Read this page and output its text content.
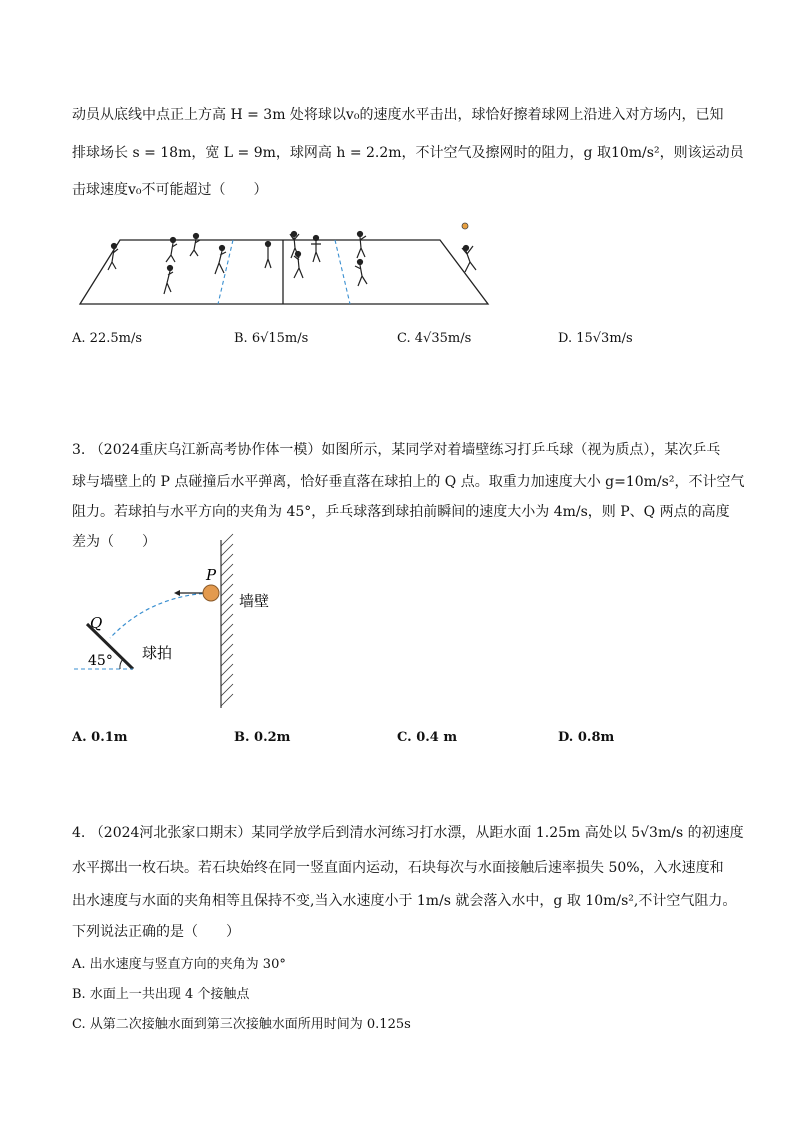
动员从底线中点正上方高 H = 3m 处将球以v₀的速度水平击出，球恰好擦着球网上沿进入对方场内，已知
排球场长 s = 18m，宽 L = 9m，球网高 h = 2.2m，不计空气及擦网时的阻力，g 取10m/s²，则该运动员
击球速度v₀不可能超过（　　）
A. 22.5m/s	B. 6√15m/s	C. 4√35m/s	D. 15√3m/s
3. （2024重庆乌江新高考协作体一模）如图所示，某同学对着墙壁练习打乒乓球（视为质点），某次乒乓
球与墙壁上的 P 点碰撞后水平弹离，恰好垂直落在球拍上的 Q 点。取重力加速度大小 g=10m/s²，不计空气
阻力。若球拍与水平方向的夹角为 45°，乒乓球落到球拍前瞬间的速度大小为 4m/s，则 P、Q 两点的高度
差为（　　）
P
Q
墙壁
球拍
45°
A. 0.1m	B. 0.2m	C. 0.4 m	D. 0.8m
4. （2024河北张家口期末）某同学放学后到清水河练习打水漂，从距水面 1.25m 高处以 5√3m/s 的初速度
水平掷出一枚石块。若石块始终在同一竖直面内运动，石块每次与水面接触后速率损失 50%，入水速度和
出水速度与水面的夹角相等且保持不变,当入水速度小于 1m/s 就会落入水中，g 取 10m/s²,不计空气阻力。
下列说法正确的是（　　）
A. 出水速度与竖直方向的夹角为 30°
B. 水面上一共出现 4 个接触点
C. 从第二次接触水面到第三次接触水面所用时间为 0.125s
